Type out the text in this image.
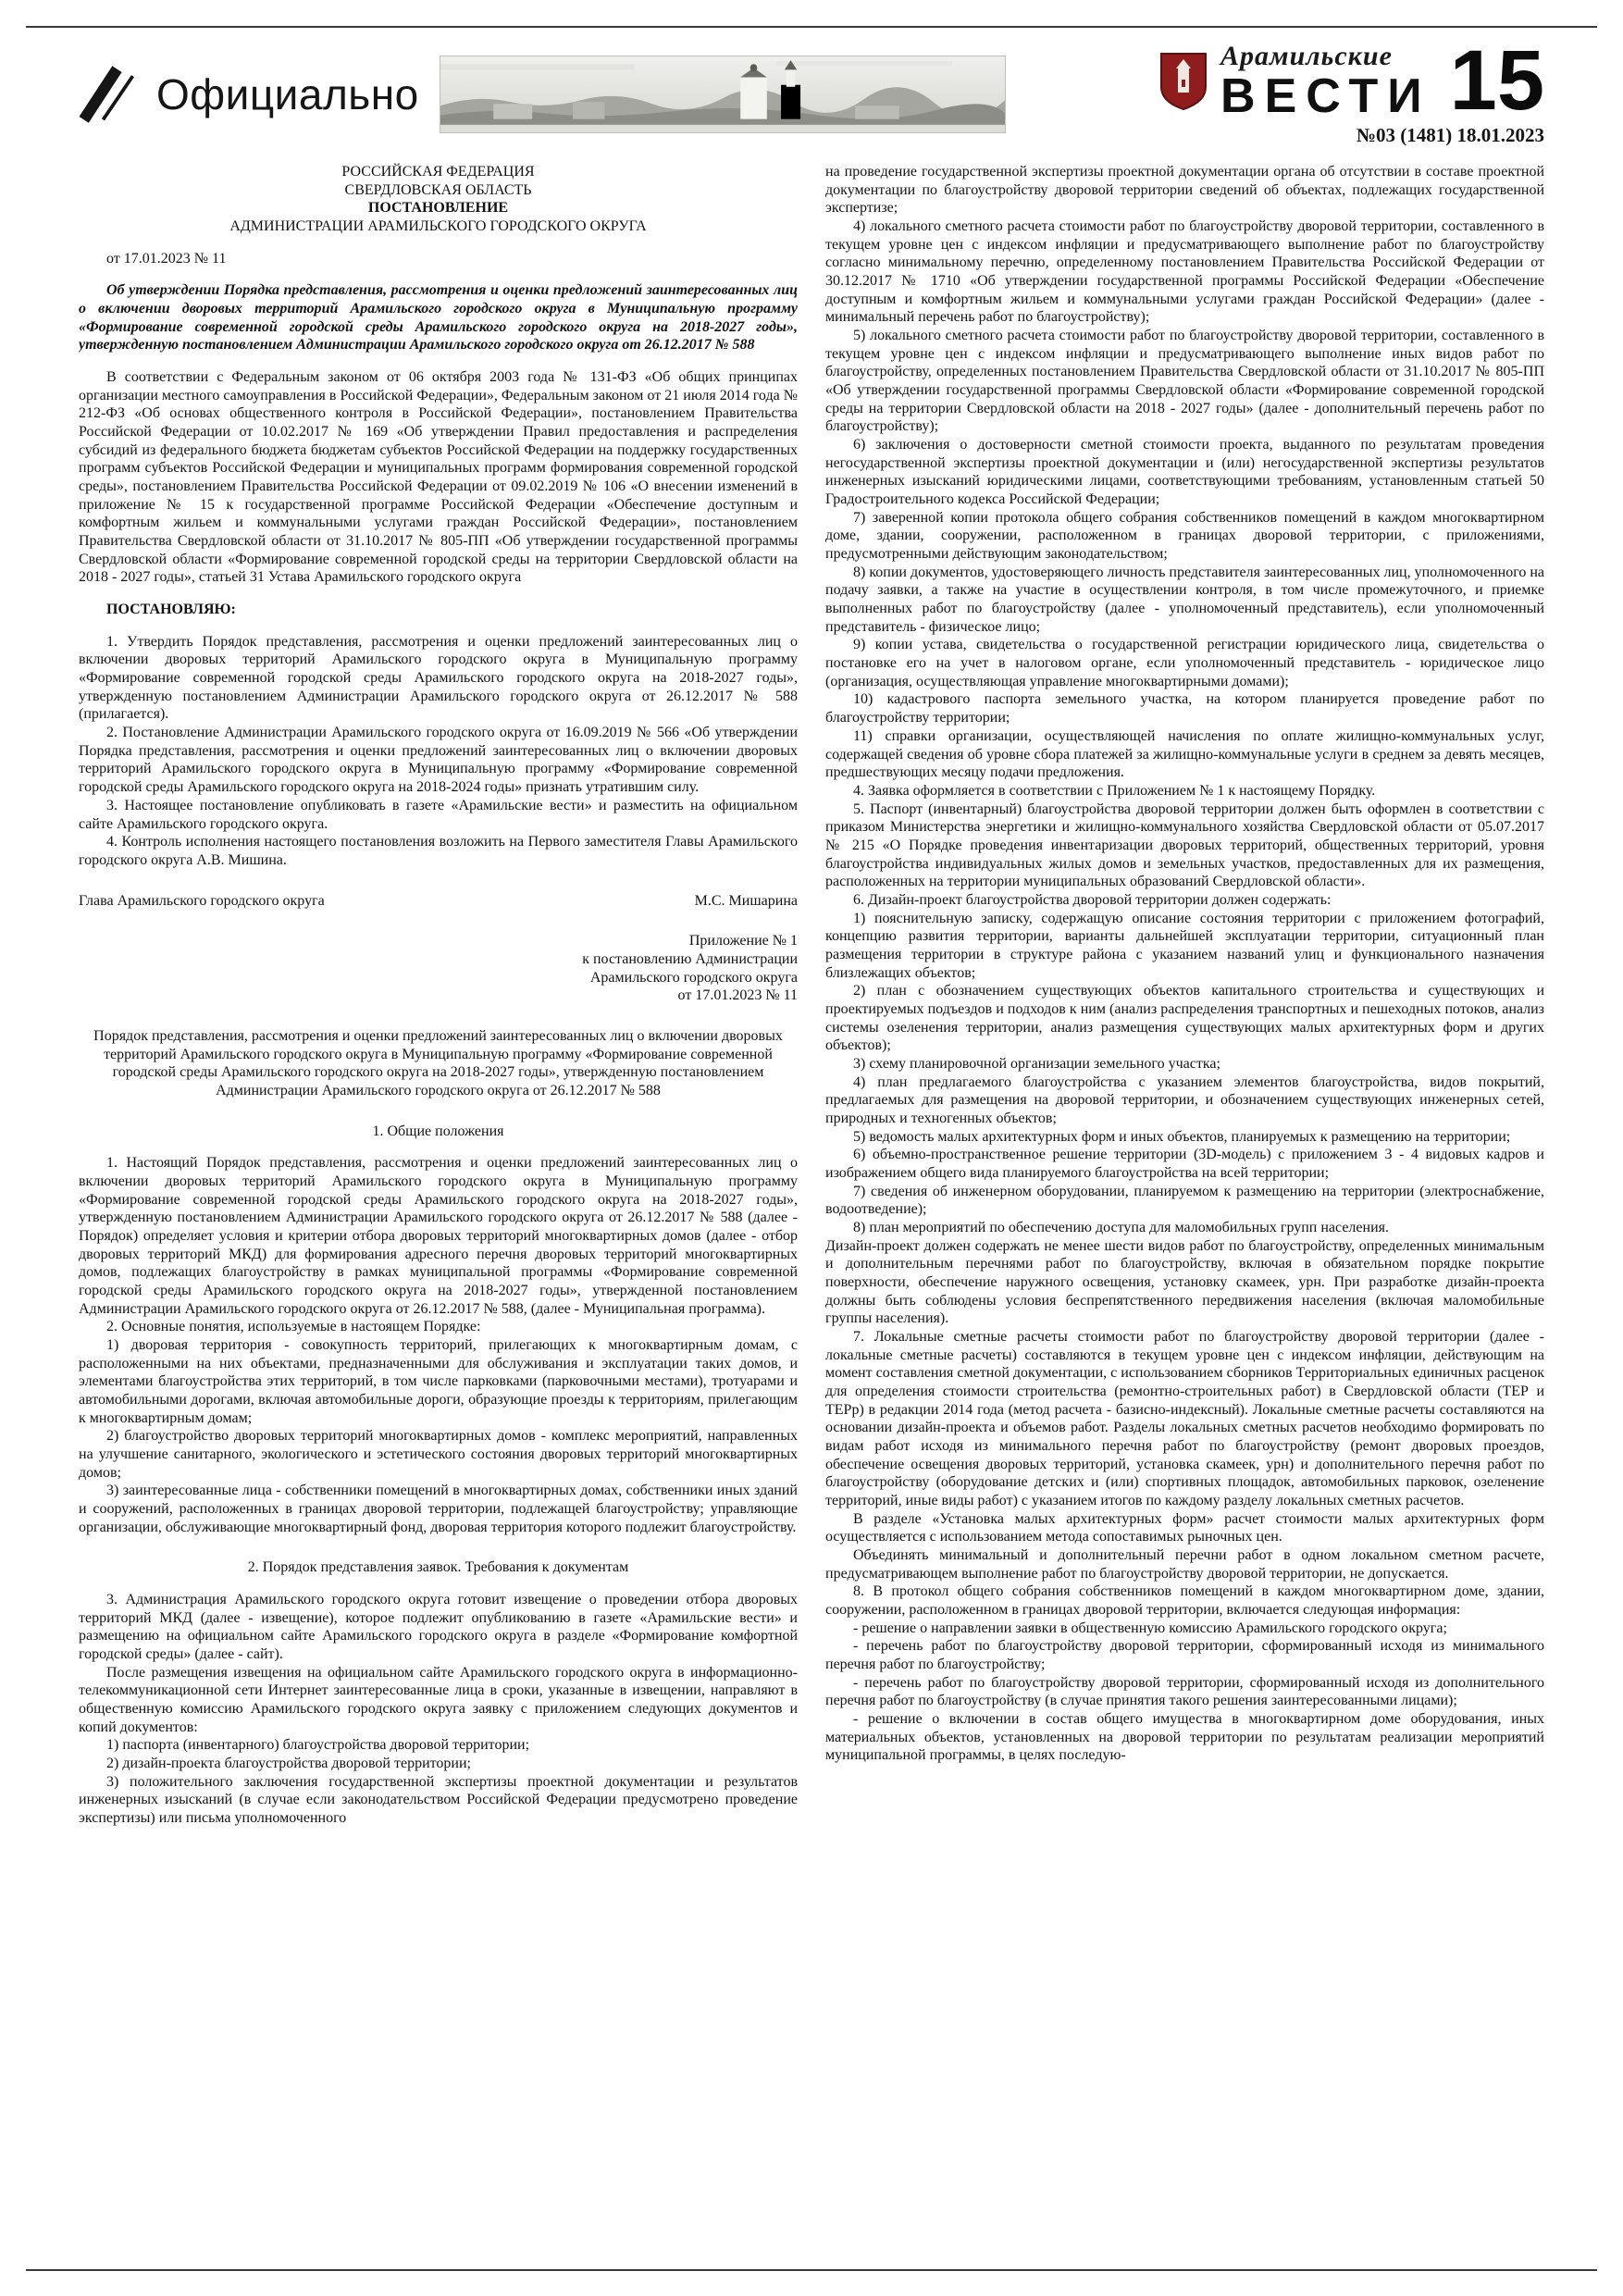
Официально
Арамильские
ВЕСТИ 15
№03 (1481) 18.01.2023

РОССИЙСКАЯ ФЕДЕРАЦИЯ

СВЕРДЛОВСКАЯ ОБЛАСТЬ

ПОСТАНОВЛЕНИЕ

АДМИНИСТРАЦИИ АРАМИЛЬСКОГО ГОРОДСКОГО ОКРУГА

от 17.01.2023 № 11

Об утверждении Порядка представления, рассмотрения и оценки предложений заинтересованных лиц о включении дворовых территорий Арамильского городского округа в Муниципальную программу «Формирование современной городской среды Арамильского городского округа на 2018-2027 годы», утвержденную постановлением Администрации Арамильского городского округа от 26.12.2017 № 588

В соответствии с Федеральным законом от 06 октября 2003 года № 131-ФЗ «Об общих принципах организации местного самоуправления в Российской Федерации», Федеральным законом от 21 июля 2014 года № 212-ФЗ «Об основах общественного контроля в Российской Федерации», постановлением Правительства Российской Федерации от 10.02.2017 № 169 «Об утверждении Правил предоставления и распределения субсидий из федерального бюджета бюджетам субъектов Российской Федерации на поддержку государственных программ субъектов Российской Федерации и муниципальных программ формирования современной городской среды», постановлением Правительства Российской Федерации от 09.02.2019 № 106 «О внесении изменений в приложение № 15 к государственной программе Российской Федерации «Обеспечение доступным и комфортным жильем и коммунальными услугами граждан Российской Федерации», постановлением Правительства Свердловской области от 31.10.2017 № 805-ПП «Об утверждении государственной программы Свердловской области «Формирование современной городской среды на территории Свердловской области на 2018 - 2027 годы», статьей 31 Устава Арамильского городского округа

ПОСТАНОВЛЯЮ:

1. Утвердить Порядок представления, рассмотрения и оценки предложений заинтересованных лиц о включении дворовых территорий Арамильского городского округа в Муниципальную программу «Формирование современной городской среды Арамильского городского округа на 2018-2027 годы», утвержденную постановлением Администрации Арамильского городского округа от 26.12.2017 № 588 (прилагается).

2. Постановление Администрации Арамильского городского округа от 16.09.2019 № 566 «Об утверждении Порядка представления, рассмотрения и оценки предложений заинтересованных лиц о включении дворовых территорий Арамильского городского округа в Муниципальную программу «Формирование современной городской среды Арамильского городского округа на 2018-2024 годы» признать утратившим силу.

3. Настоящее постановление опубликовать в газете «Арамильские вести» и разместить на официальном сайте Арамильского городского округа.

4. Контроль исполнения настоящего постановления возложить на Первого заместителя Главы Арамильского городского округа А.В. Мишина.

Глава Арамильского городского округа	М.С. Мишарина

Приложение № 1

к постановлению Администрации

Арамильского городского округа

от 17.01.2023 № 11

Порядок представления, рассмотрения и оценки предложений заинтересованных лиц о включении дворовых территорий Арамильского городского округа в Муниципальную программу «Формирование современной городской среды Арамильского городского округа на 2018-2027 годы», утвержденную постановлением Администрации Арамильского городского округа от 26.12.2017 № 588

1. Общие положения

1. Настоящий Порядок представления, рассмотрения и оценки предложений заинтересованных лиц о включении дворовых территорий Арамильского городского округа в Муниципальную программу «Формирование современной городской среды Арамильского городского округа на 2018-2027 годы», утвержденную постановлением Администрации Арамильского городского округа от 26.12.2017 № 588 (далее - Порядок) определяет условия и критерии отбора дворовых территорий многоквартирных домов (далее - отбор дворовых территорий МКД) для формирования адресного перечня дворовых территорий многоквартирных домов, подлежащих благоустройству в рамках муниципальной программы «Формирование современной городской среды Арамильского городского округа на 2018-2027 годы», утвержденной постановлением Администрации Арамильского городского округа от 26.12.2017 № 588, (далее - Муниципальная программа).

2. Основные понятия, используемые в настоящем Порядке:

1) дворовая территория - совокупность территорий, прилегающих к многоквартирным домам, с расположенными на них объектами, предназначенными для обслуживания и эксплуатации таких домов, и элементами благоустройства этих территорий, в том числе парковками (парковочными местами), тротуарами и автомобильными дорогами, включая автомобильные дороги, образующие проезды к территориям, прилегающим к многоквартирным домам;

2) благоустройство дворовых территорий многоквартирных домов - комплекс мероприятий, направленных на улучшение санитарного, экологического и эстетического состояния дворовых территорий многоквартирных домов;

3) заинтересованные лица - собственники помещений в многоквартирных домах, собственники иных зданий и сооружений, расположенных в границах дворовой территории, подлежащей благоустройству; управляющие организации, обслуживающие многоквартирный фонд, дворовая территория которого подлежит благоустройству.

2. Порядок представления заявок. Требования к документам

3. Администрация Арамильского городского округа готовит извещение о проведении отбора дворовых территорий МКД (далее - извещение), которое подлежит опубликованию в газете «Арамильские вести» и размещению на официальном сайте Арамильского городского округа в разделе «Формирование комфортной городской среды» (далее - сайт).

После размещения извещения на официальном сайте Арамильского городского округа в информационно-телекоммуникационной сети Интернет заинтересованные лица в сроки, указанные в извещении, направляют в общественную комиссию Арамильского городского округа заявку с приложением следующих документов и копий документов:

1) паспорта (инвентарного) благоустройства дворовой территории;

2) дизайн-проекта благоустройства дворовой территории;

3) положительного заключения государственной экспертизы проектной документации и результатов инженерных изысканий (в случае если законодательством Российской Федерации предусмотрено проведение экспертизы) или письма уполномоченного

на проведение государственной экспертизы проектной документации органа об отсутствии в составе проектной документации по благоустройству дворовой территории сведений об объектах, подлежащих государственной экспертизе;

4) локального сметного расчета стоимости работ по благоустройству дворовой территории, составленного в текущем уровне цен с индексом инфляции и предусматривающего выполнение работ по благоустройству согласно минимальному перечню, определенному постановлением Правительства Российской Федерации от 30.12.2017 № 1710 «Об утверждении государственной программы Российской Федерации «Обеспечение доступным и комфортным жильем и коммунальными услугами граждан Российской Федерации» (далее - минимальный перечень работ по благоустройству);

5) локального сметного расчета стоимости работ по благоустройству дворовой территории, составленного в текущем уровне цен с индексом инфляции и предусматривающего выполнение иных видов работ по благоустройству, определенных постановлением Правительства Свердловской области от 31.10.2017 № 805-ПП «Об утверждении государственной программы Свердловской области «Формирование современной городской среды на территории Свердловской области на 2018 - 2027 годы» (далее - дополнительный перечень работ по благоустройству);

6) заключения о достоверности сметной стоимости проекта, выданного по результатам проведения негосударственной экспертизы проектной документации и (или) негосударственной экспертизы результатов инженерных изысканий юридическими лицами, соответствующими требованиям, установленным статьей 50 Градостроительного кодекса Российской Федерации;

7) заверенной копии протокола общего собрания собственников помещений в каждом многоквартирном доме, здании, сооружении, расположенном в границах дворовой территории, с приложениями, предусмотренными действующим законодательством;

8) копии документов, удостоверяющего личность представителя заинтересованных лиц, уполномоченного на подачу заявки, а также на участие в осуществлении контроля, в том числе промежуточного, и приемке выполненных работ по благоустройству (далее - уполномоченный представитель), если уполномоченный представитель - физическое лицо;

9) копии устава, свидетельства о государственной регистрации юридического лица, свидетельства о постановке его на учет в налоговом органе, если уполномоченный представитель - юридическое лицо (организация, осуществляющая управление многоквартирными домами);

10) кадастрового паспорта земельного участка, на котором планируется проведение работ по благоустройству территории;

11) справки организации, осуществляющей начисления по оплате жилищно-коммунальных услуг, содержащей сведения об уровне сбора платежей за жилищно-коммунальные услуги в среднем за девять месяцев, предшествующих месяцу подачи предложения.

4. Заявка оформляется в соответствии с Приложением № 1 к настоящему Порядку.

5. Паспорт (инвентарный) благоустройства дворовой территории должен быть оформлен в соответствии с приказом Министерства энергетики и жилищно-коммунального хозяйства Свердловской области от 05.07.2017 № 215 «О Порядке проведения инвентаризации дворовых территорий, общественных территорий, уровня благоустройства индивидуальных жилых домов и земельных участков, предоставленных для их размещения, расположенных на территории муниципальных образований Свердловской области».

6. Дизайн-проект благоустройства дворовой территории должен содержать:

1) пояснительную записку, содержащую описание состояния территории с приложением фотографий, концепцию развития территории, варианты дальнейшей эксплуатации территории, ситуационный план размещения территории в структуре района с указанием названий улиц и функционального назначения близлежащих объектов;

2) план с обозначением существующих объектов капитального строительства и существующих и проектируемых подъездов и подходов к ним (анализ распределения транспортных и пешеходных потоков, анализ системы озеленения территории, анализ размещения существующих малых архитектурных форм и других объектов);

3) схему планировочной организации земельного участка;

4) план предлагаемого благоустройства с указанием элементов благоустройства, видов покрытий, предлагаемых для размещения на дворовой территории, и обозначением существующих инженерных сетей, природных и техногенных объектов;

5) ведомость малых архитектурных форм и иных объектов, планируемых к размещению на территории;

6) объемно-пространственное решение территории (3D-модель) с приложением 3 - 4 видовых кадров и изображением общего вида планируемого благоустройства на всей территории;

7) сведения об инженерном оборудовании, планируемом к размещению на территории (электроснабжение, водоотведение);

8) план мероприятий по обеспечению доступа для маломобильных групп населения.

Дизайн-проект должен содержать не менее шести видов работ по благоустройству, определенных минимальным и дополнительным перечнями работ по благоустройству, включая в обязательном порядке покрытие поверхности, обеспечение наружного освещения, установку скамеек, урн. При разработке дизайн-проекта должны быть соблюдены условия беспрепятственного передвижения населения (включая маломобильные группы населения).

7. Локальные сметные расчеты стоимости работ по благоустройству дворовой территории (далее - локальные сметные расчеты) составляются в текущем уровне цен с индексом инфляции, действующим на момент составления сметной документации, с использованием сборников Территориальных единичных расценок для определения стоимости строительства (ремонтно-строительных работ) в Свердловской области (ТЕР и ТЕРр) в редакции 2014 года (метод расчета - базисно-индексный). Локальные сметные расчеты составляются на основании дизайн-проекта и объемов работ. Разделы локальных сметных расчетов необходимо формировать по видам работ исходя из минимального перечня работ по благоустройству (ремонт дворовых проездов, обеспечение освещения дворовых территорий, установка скамеек, урн) и дополнительного перечня работ по благоустройству (оборудование детских и (или) спортивных площадок, автомобильных парковок, озеленение территорий, иные виды работ) с указанием итогов по каждому разделу локальных сметных расчетов.

В разделе «Установка малых архитектурных форм» расчет стоимости малых архитектурных форм осуществляется с использованием метода сопоставимых рыночных цен.

Объединять минимальный и дополнительный перечни работ в одном локальном сметном расчете, предусматривающем выполнение работ по благоустройству дворовой территории, не допускается.

8. В протокол общего собрания собственников помещений в каждом многоквартирном доме, здании, сооружении, расположенном в границах дворовой территории, включается следующая информация:

- решение о направлении заявки в общественную комиссию Арамильского городского округа;

- перечень работ по благоустройству дворовой территории, сформированный исходя из минимального перечня работ по благоустройству;

- перечень работ по благоустройству дворовой территории, сформированный исходя из дополнительного перечня работ по благоустройству (в случае принятия такого решения заинтересованными лицами);

- решение о включении в состав общего имущества в многоквартирном доме оборудования, иных материальных объектов, установленных на дворовой территории по результатам реализации мероприятий муниципальной программы, в целях последую-
